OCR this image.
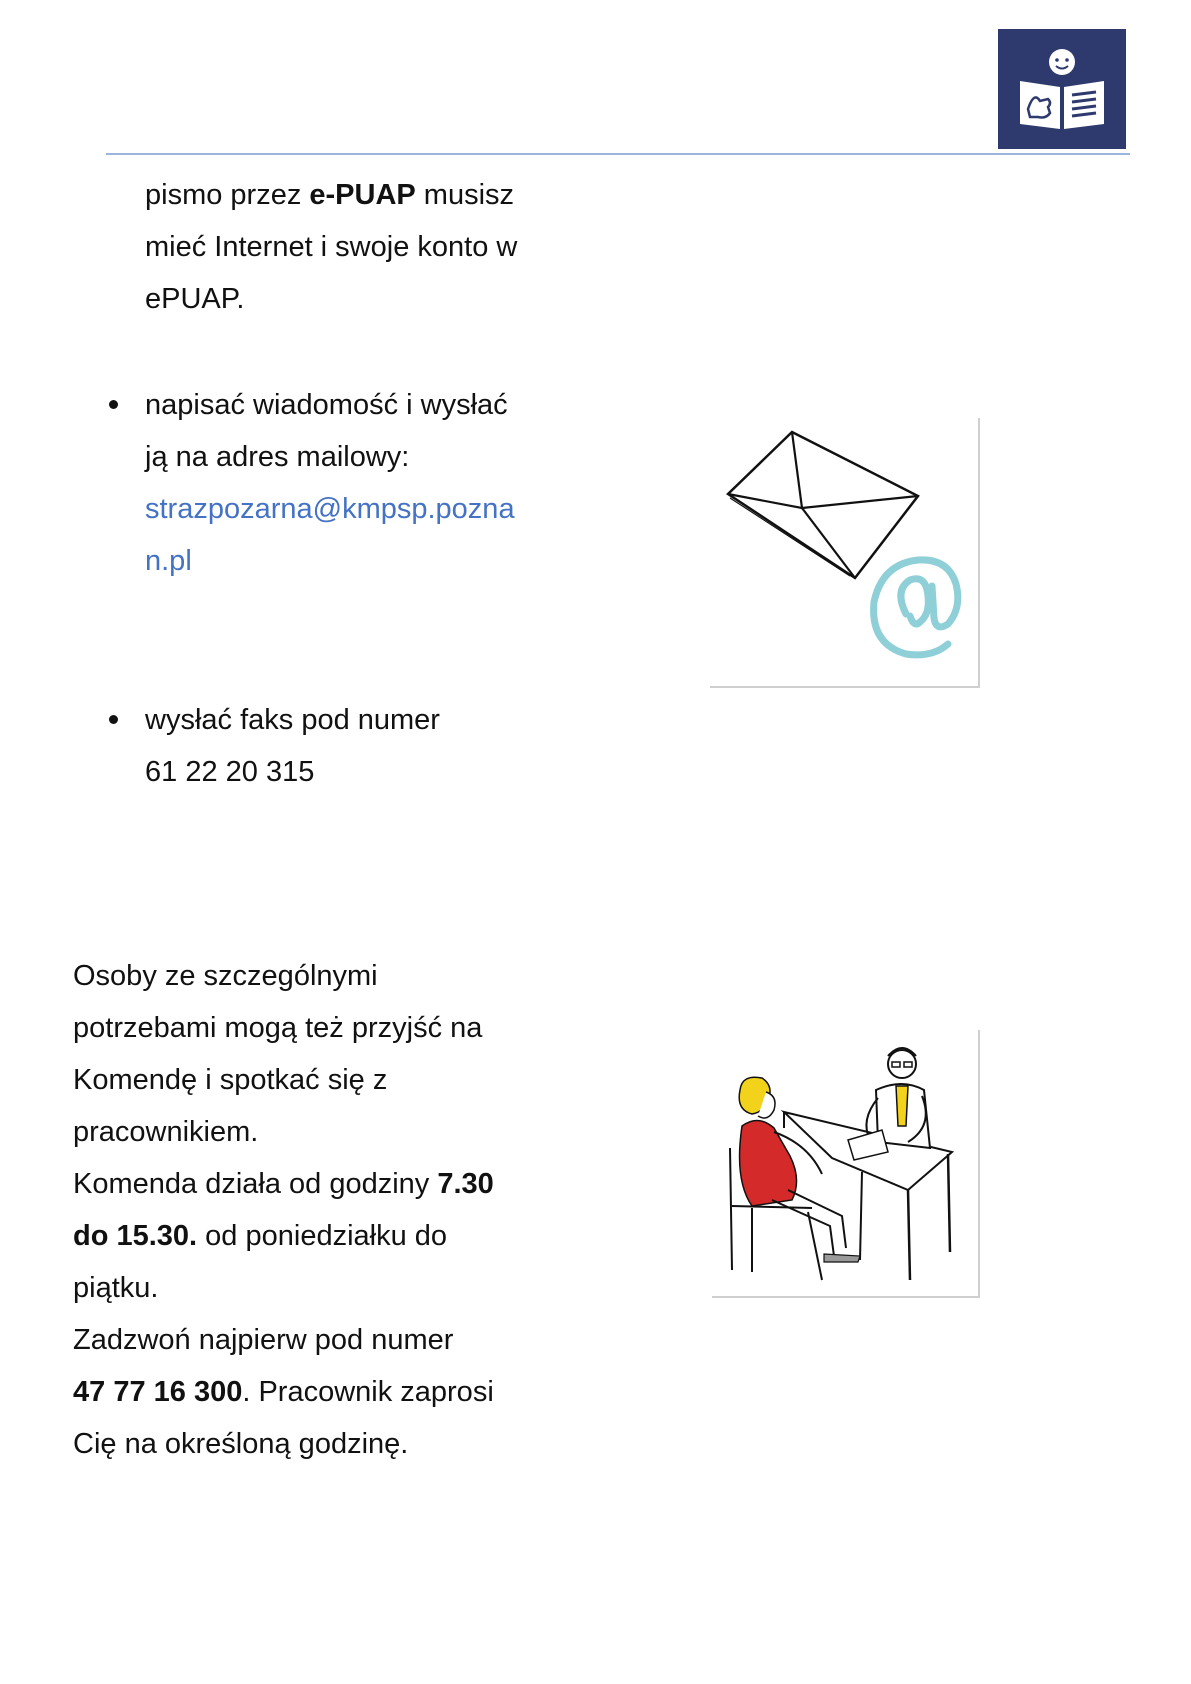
pismo przez e-PUAP musisz
mieć Internet i swoje konto w
ePUAP.
napisać wiadomość i wysłać
ją na adres mailowy:
strazpozarna@kmpsp.pozna
n.pl
wysłać faks pod numer
61 22 20 315
Osoby ze szczególnymi
potrzebami mogą też przyjść na
Komendę i spotkać się z
pracownikiem.
Komenda działa od godziny 7.30
do 15.30. od poniedziałku do
piątku.
Zadzwoń najpierw pod numer
47 77 16 300. Pracownik zaprosi
Cię na określoną godzinę.
